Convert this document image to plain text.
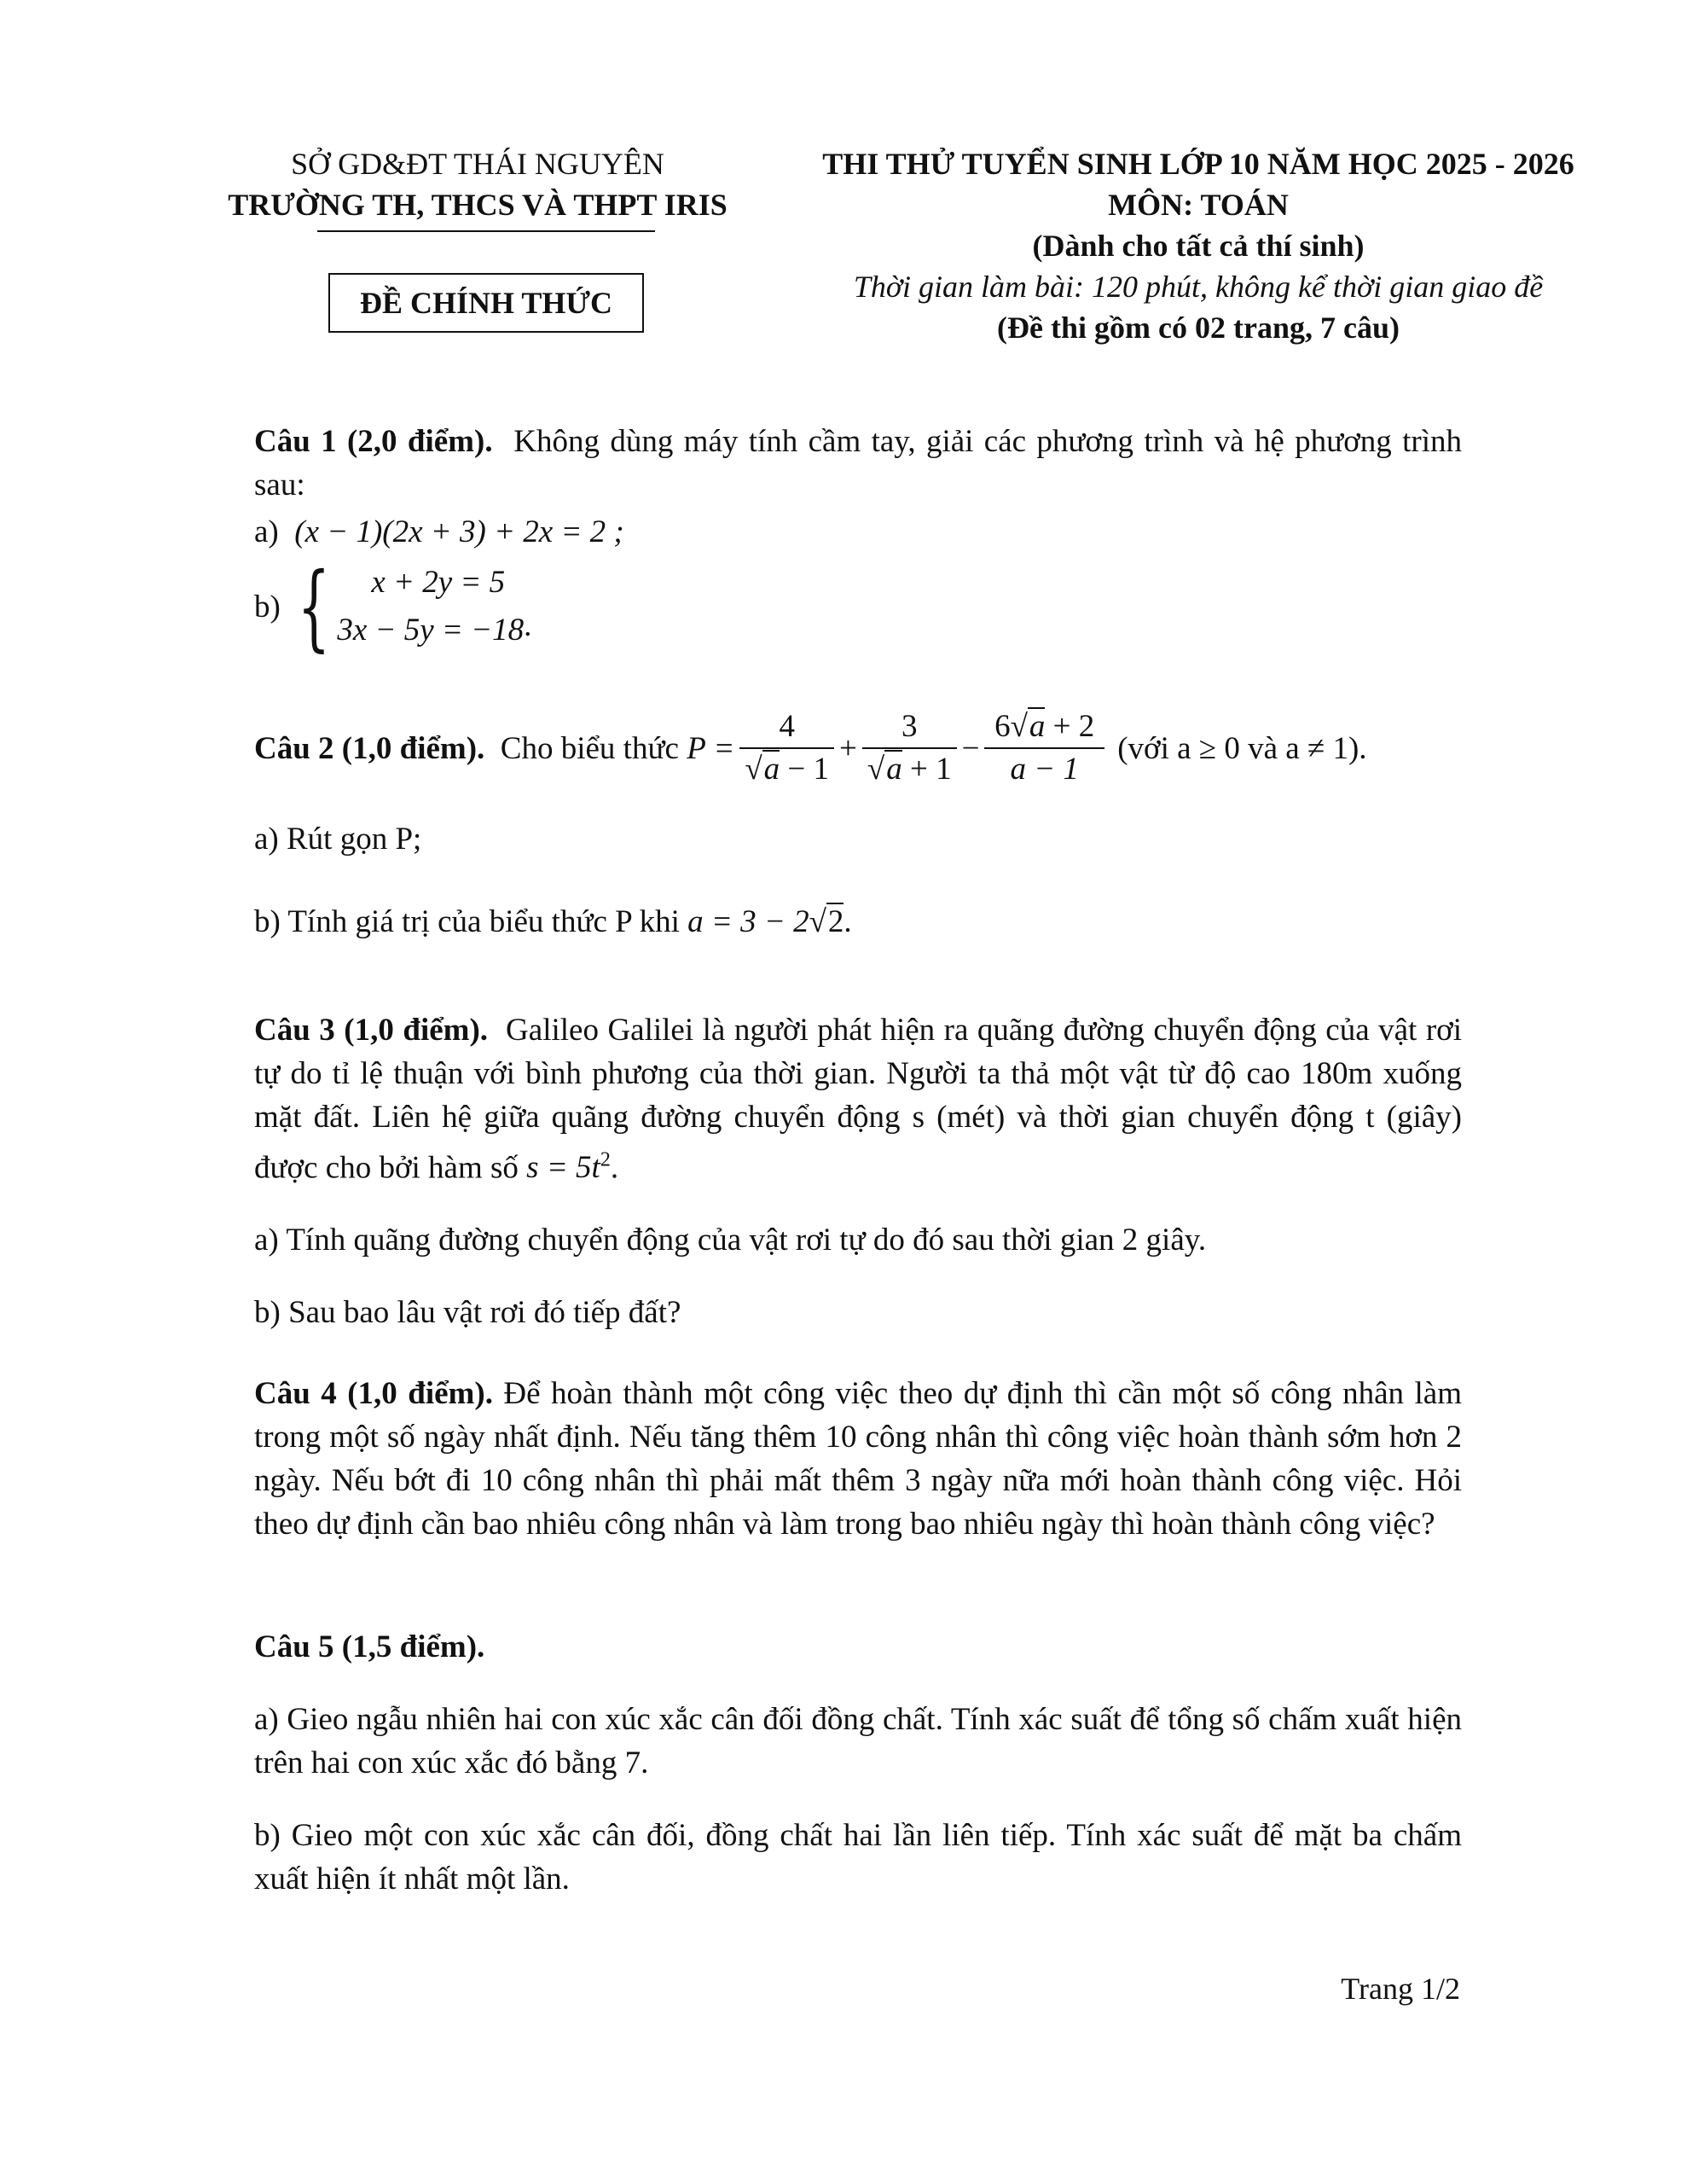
SỞ GD&ĐT THÁI NGUYÊN
TRƯỜNG TH, THCS VÀ THPT IRIS
ĐỀ CHÍNH THỨC
THI THỬ TUYỂN SINH LỚP 10 NĂM HỌC 2025 - 2026
MÔN: TOÁN
(Dành cho tất cả thí sinh)
Thời gian làm bài: 120 phút, không kể thời gian giao đề
(Đề thi gồm có 02 trang, 7 câu)

Câu 1 (2,0 điểm). Không dùng máy tính cầm tay, giải các phương trình và hệ phương trình sau:

a)
(x − 1)(2x + 3) + 2x = 2 ;
b)
{	x + 2y = 5
3x − 5y = −18 .
Câu 2 (1,0 điểm).
Cho biểu thức
$P = \frac{4}{√a - 1} + \frac{3}{√a + 1} - \frac{6√a + 2}{a - 1}$
(với a ≥ 0 và a ≠ 1).

a) Rút gọn P;

b) Tính giá trị của biểu thức P khi
a = 3 − 2√2 .

Câu 3 (1,0 điểm). Galileo Galilei là người phát hiện ra quãng đường chuyển động của vật rơi tự do tỉ lệ thuận với bình phương của thời gian. Người ta thả một vật từ độ cao 180m xuống mặt đất. Liên hệ giữa quãng đường chuyển động s (mét) và thời gian chuyển động t (giây) được cho bởi hàm số $s = 5t^2$.

a) Tính quãng đường chuyển động của vật rơi tự do đó sau thời gian 2 giây.

b) Sau bao lâu vật rơi đó tiếp đất?

Câu 4 (1,0 điểm). Để hoàn thành một công việc theo dự định thì cần một số công nhân làm trong một số ngày nhất định. Nếu tăng thêm 10 công nhân thì công việc hoàn thành sớm hơn 2 ngày. Nếu bớt đi 10 công nhân thì phải mất thêm 3 ngày nữa mới hoàn thành công việc. Hỏi theo dự định cần bao nhiêu công nhân và làm trong bao nhiêu ngày thì hoàn thành công việc?

Câu 5 (1,5 điểm).

a) Gieo ngẫu nhiên hai con xúc xắc cân đối đồng chất. Tính xác suất để tổng số chấm xuất hiện trên hai con xúc xắc đó bằng 7.

b) Gieo một con xúc xắc cân đối, đồng chất hai lần liên tiếp. Tính xác suất để mặt ba chấm xuất hiện ít nhất một lần.

Trang 1/2
